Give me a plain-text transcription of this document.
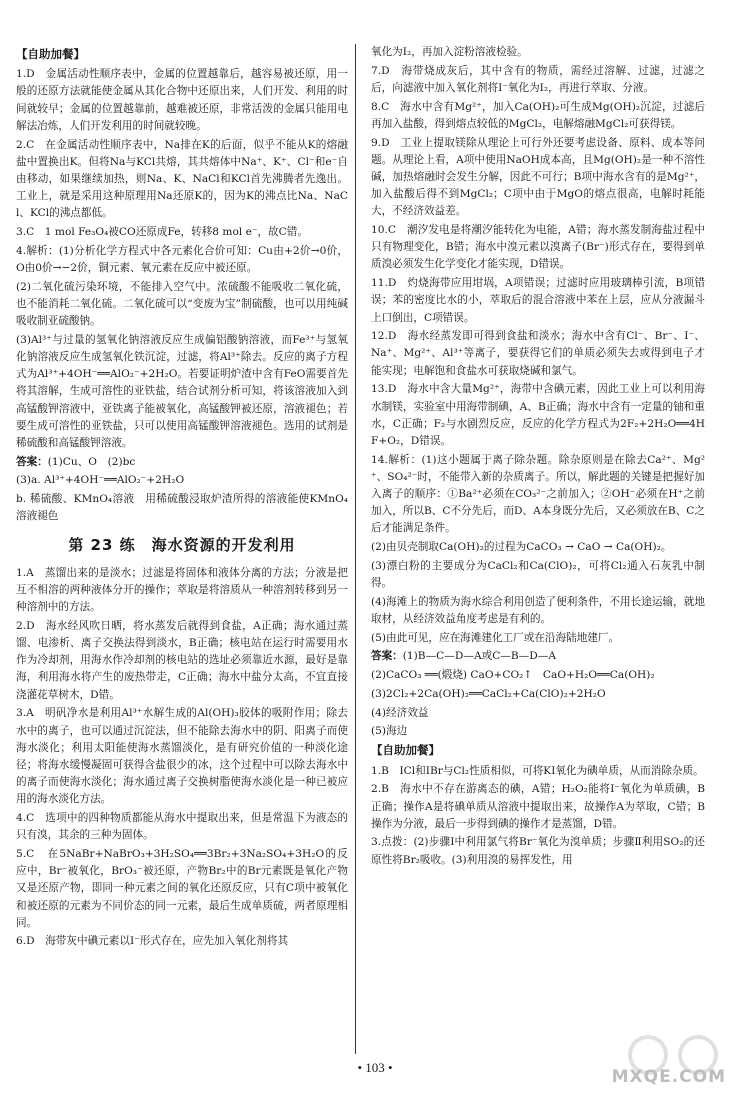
【自助加餐】

1.D　金属活动性顺序表中，金属的位置越靠后，越容易被还原，用一般的还原方法就能使金属从其化合物中还原出来，人们开发、利用的时间就较早；金属的位置越靠前，越难被还原，非常活泼的金属只能用电解法冶炼，人们开发利用的时间就较晚。

2.C　在金属活动性顺序表中，Na排在K的后面，似乎不能从K的熔融盐中置换出K。但将Na与KCl共熔，其共熔体中Na⁺、K⁺、Cl⁻和e⁻自由移动，如果继续加热，则Na、K、NaCl和KCl首先沸腾者先逸出。工业上，就是采用这种原理用Na还原K的，因为K的沸点比Na、NaCl、KCl的沸点都低。

3.C　1 mol Fe₃O₄被CO还原成Fe，转移8 mol e⁻，故C错。

4.解析：(1)分析化学方程式中各元素化合价可知：Cu由+2价→0价，O由0价→−2价，铜元素、氧元素在反应中被还原。

(2)二氧化硫污染环境，不能排入空气中。浓硫酸不能吸收二氧化硫，也不能消耗二氧化硫。二氧化硫可以“变废为宝”制硫酸，也可以用纯碱吸收制亚硫酸钠。

(3)Al³⁺与过量的氢氧化钠溶液反应生成偏铝酸钠溶液，而Fe³⁺与氢氧化钠溶液反应生成氢氧化铁沉淀，过滤，将Al³⁺除去。反应的离子方程式为Al³⁺+4OH⁻══AlO₂⁻+2H₂O。若要证明炉渣中含有FeO需要首先将其溶解，生成可溶性的亚铁盐，结合试剂分析可知，将该溶液加入到高锰酸钾溶液中，亚铁离子能被氧化，高锰酸钾被还原，溶液褪色；若要生成可溶性的亚铁盐，只可以使用高锰酸钾溶液褪色。选用的试剂是稀硫酸和高锰酸钾溶液。

答案：(1)Cu、O　(2)bc

(3)a. Al³⁺+4OH⁻══AlO₂⁻+2H₂O

b. 稀硫酸、KMnO₄溶液　用稀硫酸浸取炉渣所得的溶液能使KMnO₄溶液褪色

第 23 练　海水资源的开发利用

1.A　蒸馏出来的是淡水；过滤是将固体和液体分离的方法；分液是把互不相溶的两种液体分开的操作；萃取是将溶质从一种溶剂转移到另一种溶剂中的方法。

2.D　海水经风吹日晒，将水蒸发后就得到食盐，A正确；海水通过蒸馏、电渗析、离子交换法得到淡水，B正确；核电站在运行时需要用水作为冷却剂，用海水作冷却剂的核电站的选址必须靠近水源，最好是靠海，利用海水将产生的废热带走，C正确；海水中盐分太高，不宜直接浇灌花草树木，D错。

3.A　明矾净水是利用Al³⁺水解生成的Al(OH)₃胶体的吸附作用；除去水中的离子，也可以通过沉淀法，但不能除去海水中的阴、阳离子而使海水淡化；利用太阳能使海水蒸馏淡化，是有研究价值的一种淡化途径；将海水缓慢凝固可获得含盐很少的冰，这个过程中可以除去海水中的离子而使海水淡化；海水通过离子交换树脂使海水淡化是一种已被应用的海水淡化方法。

4.C　选项中的四种物质都能从海水中提取出来，但是常温下为液态的只有溴，其余的三种为固体。

5.C　在5NaBr+NaBrO₃+3H₂SO₄══3Br₂+3Na₂SO₄+3H₂O的反应中，Br⁻被氧化，BrO₃⁻被还原，产物Br₂中的Br元素既是氧化产物又是还原产物，即同一种元素之间的氧化还原反应，只有C项中被氧化和被还原的元素为不同价态的同一元素，最后生成单质硫，两者原理相同。

6.D　海带灰中碘元素以I⁻形式存在，应先加入氧化剂将其

氧化为I₂，再加入淀粉溶液检验。

7.D　海带烧成灰后，其中含有的物质，需经过溶解、过滤，过滤之后，向滤液中加入氧化剂将I⁻氧化为I₂，再进行萃取、分液。

8.C　海水中含有Mg²⁺，加入Ca(OH)₂可生成Mg(OH)₂沉淀，过滤后再加入盐酸，得到熔点较低的MgCl₂，电解熔融MgCl₂可获得镁。

9.D　工业上提取镁除从理论上可行外还要考虑设备、原料、成本等问题。从理论上看，A项中使用NaOH成本高，且Mg(OH)₂是一种不溶性碱，加热熔融时会发生分解，因此不可行；B项中海水含有的是Mg²⁺，加入盐酸后得不到MgCl₂；C项中由于MgO的熔点很高，电解时耗能大，不经济效益差。

10.C　潮汐发电是将潮汐能转化为电能，A错；海水蒸发制海盐过程中只有物理变化，B错；海水中溴元素以溴离子(Br⁻)形式存在，要得到单质溴必须发生化学变化才能实现，D错误。

11.D　灼烧海带应用坩埚，A项错误；过滤时应用玻璃棒引流，B项错误；苯的密度比水的小，萃取后的混合溶液中苯在上层，应从分液漏斗上口倒出，C项错误。

12.D　海水经蒸发即可得到食盐和淡水；海水中含有Cl⁻、Br⁻、I⁻、Na⁺、Mg²⁺、Al³⁺等离子，要获得它们的单质必须失去或得到电子才能实现；电解饱和食盐水可获取烧碱和氯气。

13.D　海水中含大量Mg²⁺，海带中含碘元素，因此工业上可以利用海水制镁，实验室中用海带制碘，A、B正确；海水中含有一定量的铀和重水，C正确；F₂与水剧烈反应，反应的化学方程式为2F₂+2H₂O══4HF+O₂，D错误。

14.解析：(1)这小题属于离子除杂题。除杂原则是在除去Ca²⁺、Mg²⁺、SO₄²⁻时，不能带入新的杂质离子。所以，解此题的关键是把握好加入离子的顺序：①Ba²⁺必须在CO₃²⁻之前加入；②OH⁻必须在H⁺之前加入，所以B、C不分先后，而D、A本身既分先后，又必须放在B、C之后才能满足条件。

(2)由贝壳制取Ca(OH)₂的过程为CaCO₃ → CaO → Ca(OH)₂。

(3)漂白粉的主要成分为CaCl₂和Ca(ClO)₂，可将Cl₂通入石灰乳中制得。

(4)海滩上的物质为海水综合利用创造了便利条件，不用长途运输，就地取材，从经济效益角度考虑是有利的。

(5)由此可见，应在海滩建化工厂或在沿海陆地建厂。

答案：(1)B—C—D—A或C—B—D—A

(2)CaCO₃ ══(煅烧) CaO+CO₂↑　CaO+H₂O══Ca(OH)₂

(3)2Cl₂+2Ca(OH)₂══CaCl₂+Ca(ClO)₂+2H₂O

(4)经济效益

(5)海边

【自助加餐】

1.B　ICl和IBr与Cl₂性质相似，可将KI氧化为碘单质，从而消除杂质。

2.B　海水中不存在游离态的碘，A错；H₂O₂能将I⁻氧化为单质碘，B正确；操作A是将碘单质从溶液中提取出来，故操作A为萃取，C错；B操作为分液，最后一步得到碘的操作才是蒸馏，D错。

3.点拨：(2)步骤Ⅰ中利用氯气将Br⁻氧化为溴单质；步骤Ⅱ利用SO₂的还原性将Br₂吸收。(3)利用溴的易挥发性，用

• 103 •	MXQE.COM
